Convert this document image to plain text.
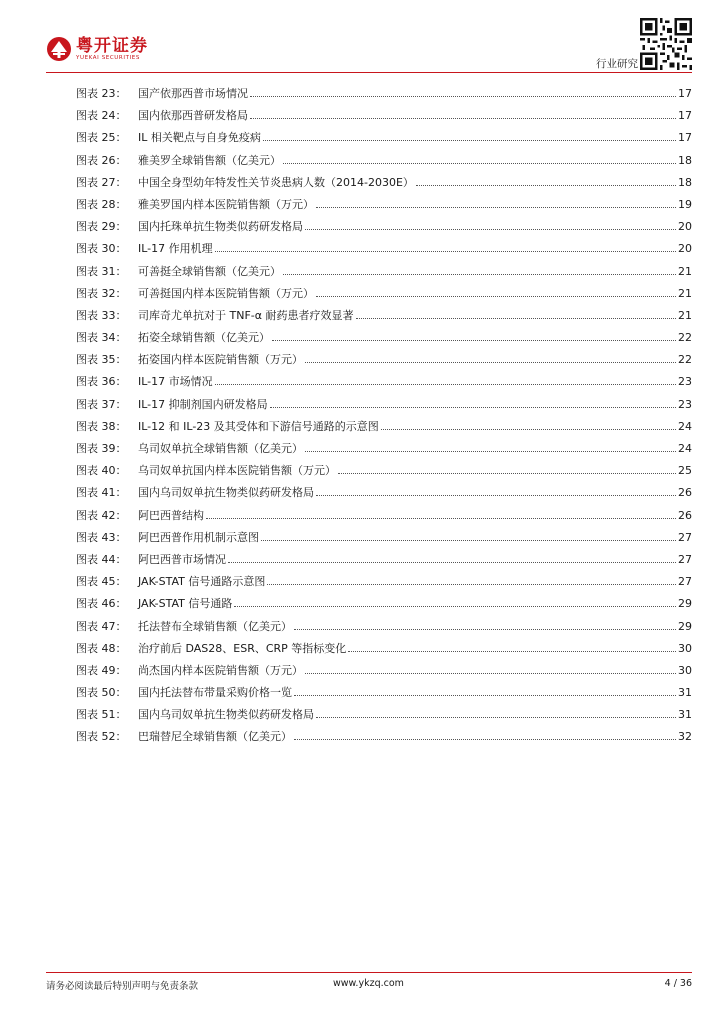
粤开证券
YUEKAI SECURITIES
行业研究
图表 23：	国产依那西普市场情况	17
图表 24：	国内依那西普研发格局	17
图表 25：	IL 相关靶点与自身免疫病	17
图表 26：	雅美罗全球销售额（亿美元）	18
图表 27：	中国全身型幼年特发性关节炎患病人数（2014-2030E）	18
图表 28：	雅美罗国内样本医院销售额（万元）	19
图表 29：	国内托珠单抗生物类似药研发格局	20
图表 30：	IL-17 作用机理	20
图表 31：	可善挺全球销售额（亿美元）	21
图表 32：	可善挺国内样本医院销售额（万元）	21
图表 33：	司库奇尤单抗对于 TNF-α 耐药患者疗效显著	21
图表 34：	拓姿全球销售额（亿美元）	22
图表 35：	拓姿国内样本医院销售额（万元）	22
图表 36：	IL-17 市场情况	23
图表 37：	IL-17 抑制剂国内研发格局	23
图表 38：	IL-12 和 IL-23 及其受体和下游信号通路的示意图	24
图表 39：	乌司奴单抗全球销售额（亿美元）	24
图表 40：	乌司奴单抗国内样本医院销售额（万元）	25
图表 41：	国内乌司奴单抗生物类似药研发格局	26
图表 42：	阿巴西普结构	26
图表 43：	阿巴西普作用机制示意图	27
图表 44：	阿巴西普市场情况	27
图表 45：	JAK-STAT 信号通路示意图	27
图表 46：	JAK-STAT 信号通路	29
图表 47：	托法替布全球销售额（亿美元）	29
图表 48：	治疗前后 DAS28、ESR、CRP 等指标变化	30
图表 49：	尚杰国内样本医院销售额（万元）	30
图表 50：	国内托法替布带量采购价格一览	31
图表 51：	国内乌司奴单抗生物类似药研发格局	31
图表 52：	巴瑞替尼全球销售额（亿美元）	32
请务必阅读最后特别声明与免责条款	www.ykzq.com	4 / 36
